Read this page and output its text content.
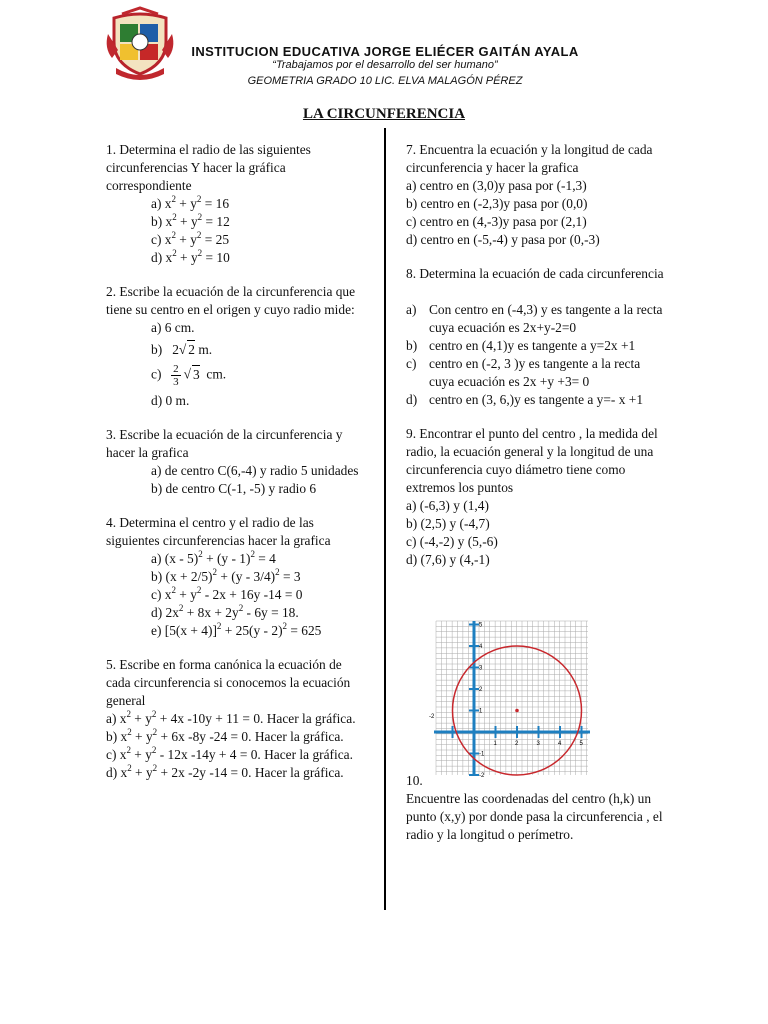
INSTITUCION EDUCATIVA JORGE ELIÉCER GAITÁN AYALA
“Trabajamos por el desarrollo del ser humano”
GEOMETRIA GRADO 10 LIC. ELVA MALAGÓN PÉREZ
LA CIRCUNFERENCIA

1. Determina el radio de las siguientes circunferencias Y hacer la gráfica correspondiente

a) $x^2 + y^2 = 16$

b) $x^2 + y^2 = 12$

c) $x^2 + y^2 = 25$

d) $x^2 + y^2 = 10$

2. Escribe la ecuación de la circunferencia que tiene su centro en el origen y cuyo radio mide:

a) 6 cm.

b) 2√ 2 m.

$c) \frac{2}{3}$ √ 3 cm.

d) 0 m.

3. Escribe la ecuación de la circunferencia y hacer la grafica

a) de centro C(6,-4) y radio 5 unidades

b) de centro C(-1, -5) y radio 6

4. Determina el centro y el radio de las siguientes circunferencias hacer la grafica

a) (x - 5)$^2$ + (y - 1)$^2$ = 4

b) $(x + 2/5)^2 + (y - 3/4)^2 = 3$

c) $x^2 + y^2 - 2x + 16y$ -14 = 0

d) $2x^2 + 8x + 2y^2 - 6y = 18$.

e) $[5(x + 4)]^2 + 25(y - 2)^2 = 625$

5. Escribe en forma canónica la ecuación de cada circunferencia si conocemos la ecuación general

a) $x^2 + y^2 + 4x$ -10y + 11 = 0. Hacer la gráfica.

b) $x^2 + y^2 + 6x$ -8y -24 = 0. Hacer la gráfica.

c) $x^2 + y^2 - 12x$ -14y + 4 = 0. Hacer la gráfica.

d) $x^2 + y^2 + 2x$ -2y -14 = 0. Hacer la gráfica.

7. Encuentra la ecuación y la longitud de cada circunferencia y hacer la grafica

a) centro en (3,0)y pasa por (-1,3)

b) centro en (-2,3)y pasa por (0,0)

c) centro en (4,-3)y pasa por (2,1)

d) centro en (-5,-4) y pasa por (0,-3)

8. Determina la ecuación de cada circunferencia

a) Con centro en (-4,3) y es tangente a la recta cuya ecuación es 2x+y-2=0

b) centro en (4,1)y es tangente a y=2x +1

c) centro en (-2, 3 )y es tangente a la recta cuya ecuación es 2x +y +3= 0

d) centro en (3, 6,)y es tangente a y=- x +1

9. Encontrar el punto del centro , la medida del radio, la ecuación general y la longitud de una circunferencia cuyo diámetro tiene como extremos los puntos

a) (-6,3) y (1,4)

b) (2,5) y (-4,7)

c) (-4,-2) y (5,-6)

d) (7,6) y (4,-1)

-2
1	2	3	4	5
5
4
3
2
1
-1
-2

10.

Encuentre las coordenadas del centro (h,k) un punto (x,y) por donde pasa la circunferencia , el radio y la longitud o perímetro.
